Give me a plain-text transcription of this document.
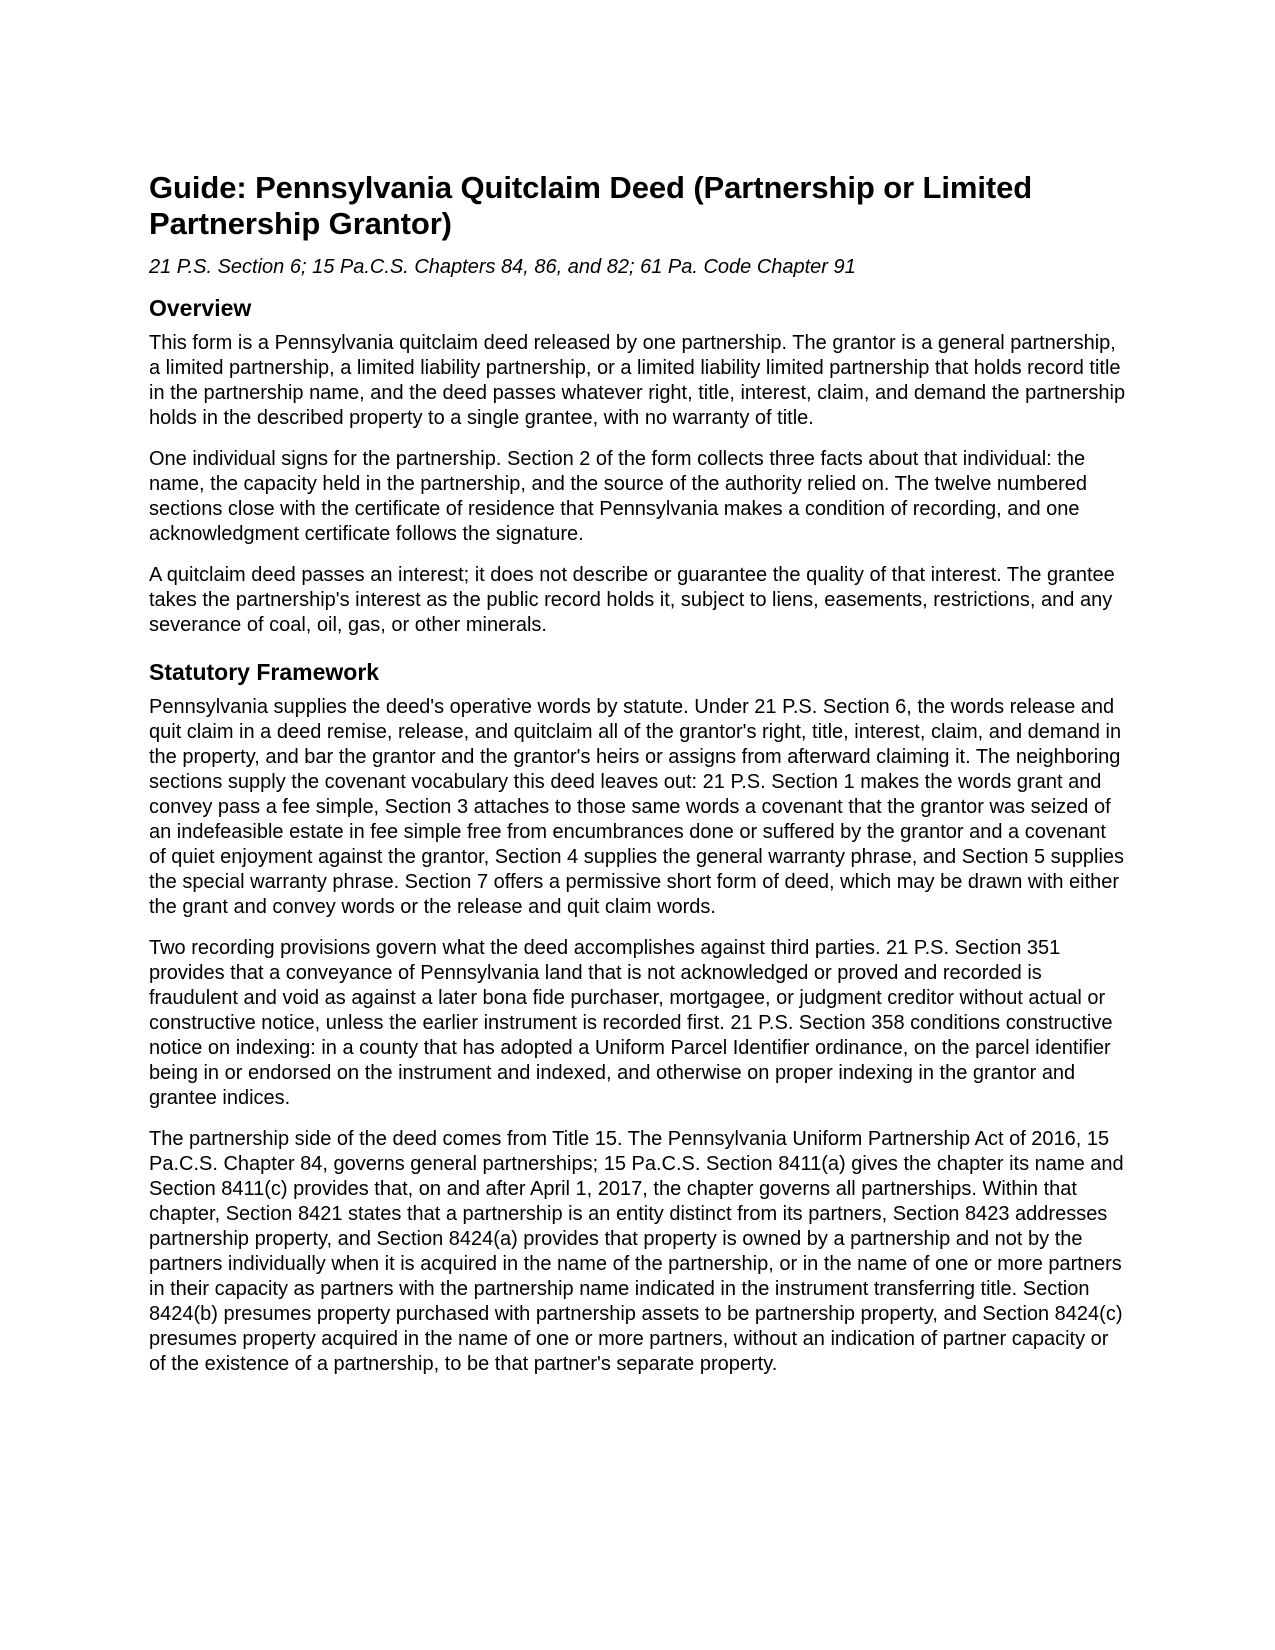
Guide: Pennsylvania Quitclaim Deed (Partnership or Limited Partnership Grantor)

21 P.S. Section 6; 15 Pa.C.S. Chapters 84, 86, and 82; 61 Pa. Code Chapter 91

Overview

This form is a Pennsylvania quitclaim deed released by one partnership. The grantor is a general partnership, a limited partnership, a limited liability partnership, or a limited liability limited partnership that holds record title in the partnership name, and the deed passes whatever right, title, interest, claim, and demand the partnership holds in the described property to a single grantee, with no warranty of title.

One individual signs for the partnership. Section 2 of the form collects three facts about that individual: the name, the capacity held in the partnership, and the source of the authority relied on. The twelve numbered sections close with the certificate of residence that Pennsylvania makes a condition of recording, and one acknowledgment certificate follows the signature.

A quitclaim deed passes an interest; it does not describe or guarantee the quality of that interest. The grantee takes the partnership's interest as the public record holds it, subject to liens, easements, restrictions, and any severance of coal, oil, gas, or other minerals.

Statutory Framework

Pennsylvania supplies the deed's operative words by statute. Under 21 P.S. Section 6, the words release and quit claim in a deed remise, release, and quitclaim all of the grantor's right, title, interest, claim, and demand in the property, and bar the grantor and the grantor's heirs or assigns from afterward claiming it. The neighboring sections supply the covenant vocabulary this deed leaves out: 21 P.S. Section 1 makes the words grant and convey pass a fee simple, Section 3 attaches to those same words a covenant that the grantor was seized of an indefeasible estate in fee simple free from encumbrances done or suffered by the grantor and a covenant of quiet enjoyment against the grantor, Section 4 supplies the general warranty phrase, and Section 5 supplies the special warranty phrase. Section 7 offers a permissive short form of deed, which may be drawn with either the grant and convey words or the release and quit claim words.

Two recording provisions govern what the deed accomplishes against third parties. 21 P.S. Section 351 provides that a conveyance of Pennsylvania land that is not acknowledged or proved and recorded is fraudulent and void as against a later bona fide purchaser, mortgagee, or judgment creditor without actual or constructive notice, unless the earlier instrument is recorded first. 21 P.S. Section 358 conditions constructive notice on indexing: in a county that has adopted a Uniform Parcel Identifier ordinance, on the parcel identifier being in or endorsed on the instrument and indexed, and otherwise on proper indexing in the grantor and grantee indices.

The partnership side of the deed comes from Title 15. The Pennsylvania Uniform Partnership Act of 2016, 15 Pa.C.S. Chapter 84, governs general partnerships; 15 Pa.C.S. Section 8411(a) gives the chapter its name and Section 8411(c) provides that, on and after April 1, 2017, the chapter governs all partnerships. Within that chapter, Section 8421 states that a partnership is an entity distinct from its partners, Section 8423 addresses partnership property, and Section 8424(a) provides that property is owned by a partnership and not by the partners individually when it is acquired in the name of the partnership, or in the name of one or more partners in their capacity as partners with the partnership name indicated in the instrument transferring title. Section 8424(b) presumes property purchased with partnership assets to be partnership property, and Section 8424(c) presumes property acquired in the name of one or more partners, without an indication of partner capacity or of the existence of a partnership, to be that partner's separate property.
